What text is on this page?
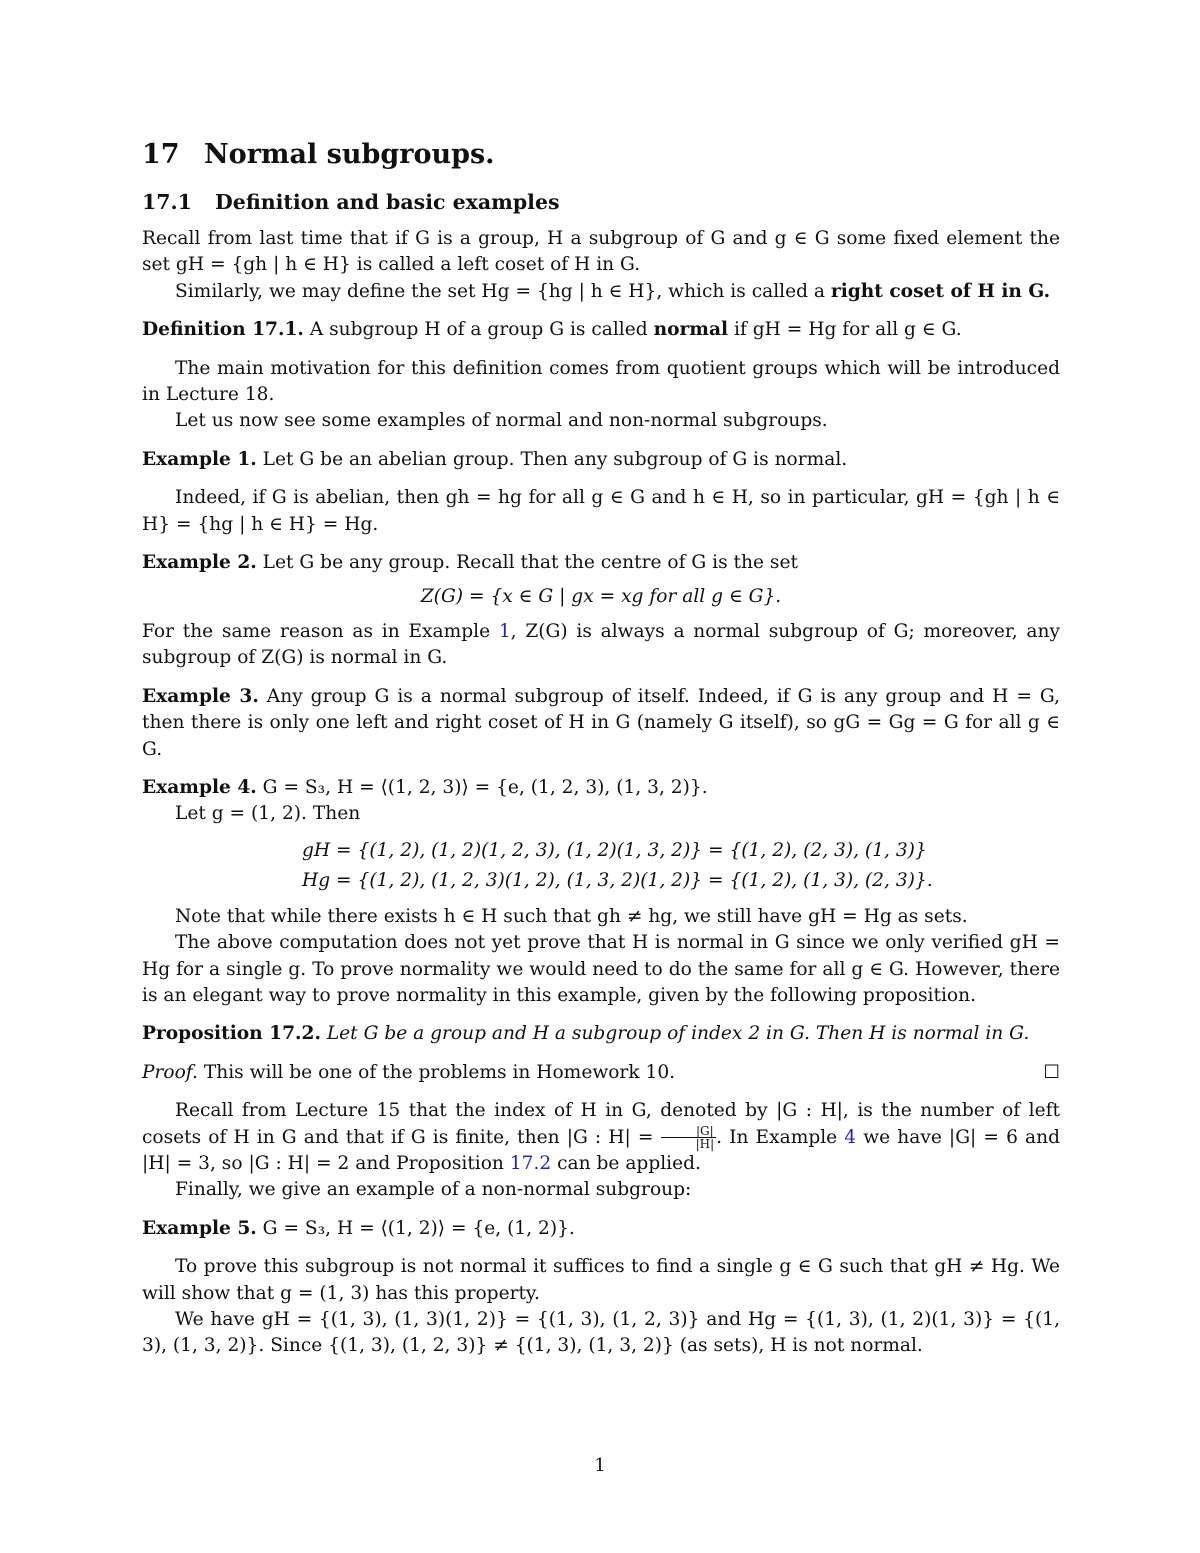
17 Normal subgroups.
17.1 Definition and basic examples

Recall from last time that if G is a group, H a subgroup of G and g ∈ G some fixed element the set gH = {gh | h ∈ H} is called a left coset of H in G.

Similarly, we may define the set Hg = {hg | h ∈ H}, which is called a right coset of H in G.

Definition 17.1. A subgroup H of a group G is called normal if gH = Hg for all g ∈ G.

The main motivation for this definition comes from quotient groups which will be introduced in Lecture 18.

Let us now see some examples of normal and non-normal subgroups.

Example 1. Let G be an abelian group. Then any subgroup of G is normal.

Indeed, if G is abelian, then gh = hg for all g ∈ G and h ∈ H, so in particular, gH = {gh | h ∈ H} = {hg | h ∈ H} = Hg.

Example 2. Let G be any group. Recall that the centre of G is the set

Z(G) = {x ∈ G | gx = xg for all g ∈ G}.

For the same reason as in Example 1, Z(G) is always a normal subgroup of G; moreover, any subgroup of Z(G) is normal in G.

Example 3. Any group G is a normal subgroup of itself. Indeed, if G is any group and H = G, then there is only one left and right coset of H in G (namely G itself), so gG = Gg = G for all g ∈ G.

Example 4. G = S₃, H = ⟨(1, 2, 3)⟩ = {e, (1, 2, 3), (1, 3, 2)}.

Let g = (1, 2). Then

gH = {(1, 2), (1, 2)(1, 2, 3), (1, 2)(1, 3, 2)} = {(1, 2), (2, 3), (1, 3)}
Hg = {(1, 2), (1, 2, 3)(1, 2), (1, 3, 2)(1, 2)} = {(1, 2), (1, 3), (2, 3)}.

Note that while there exists h ∈ H such that gh ≠ hg, we still have gH = Hg as sets.

The above computation does not yet prove that H is normal in G since we only verified gH = Hg for a single g. To prove normality we would need to do the same for all g ∈ G. However, there is an elegant way to prove normality in this example, given by the following proposition.

Proposition 17.2. Let G be a group and H a subgroup of index 2 in G. Then H is normal in G.

Proof. This will be one of the problems in Homework 10.	☐

Recall from Lecture 15 that the index of H in G, denoted by |G : H|, is the number of left cosets of H in G and that if G is finite, then |G : $H| = \frac{|G|}{|H|}$ . In Example 4 we have |G| = 6 and |H| = 3, so |G : H| = 2 and Proposition 17.2 can be applied.

Finally, we give an example of a non-normal subgroup:

Example 5. G = S₃, H = ⟨(1, 2)⟩ = {e, (1, 2)}.

To prove this subgroup is not normal it suffices to find a single g ∈ G such that gH ≠ Hg. We will show that g = (1, 3) has this property.

We have gH = {(1, 3), (1, 3)(1, 2)} = {(1, 3), (1, 2, 3)} and Hg = {(1, 3), (1, 2)(1, 3)} = {(1, 3), (1, 3, 2)}. Since {(1, 3), (1, 2, 3)} ≠ {(1, 3), (1, 3, 2)} (as sets), H is not normal.

1
